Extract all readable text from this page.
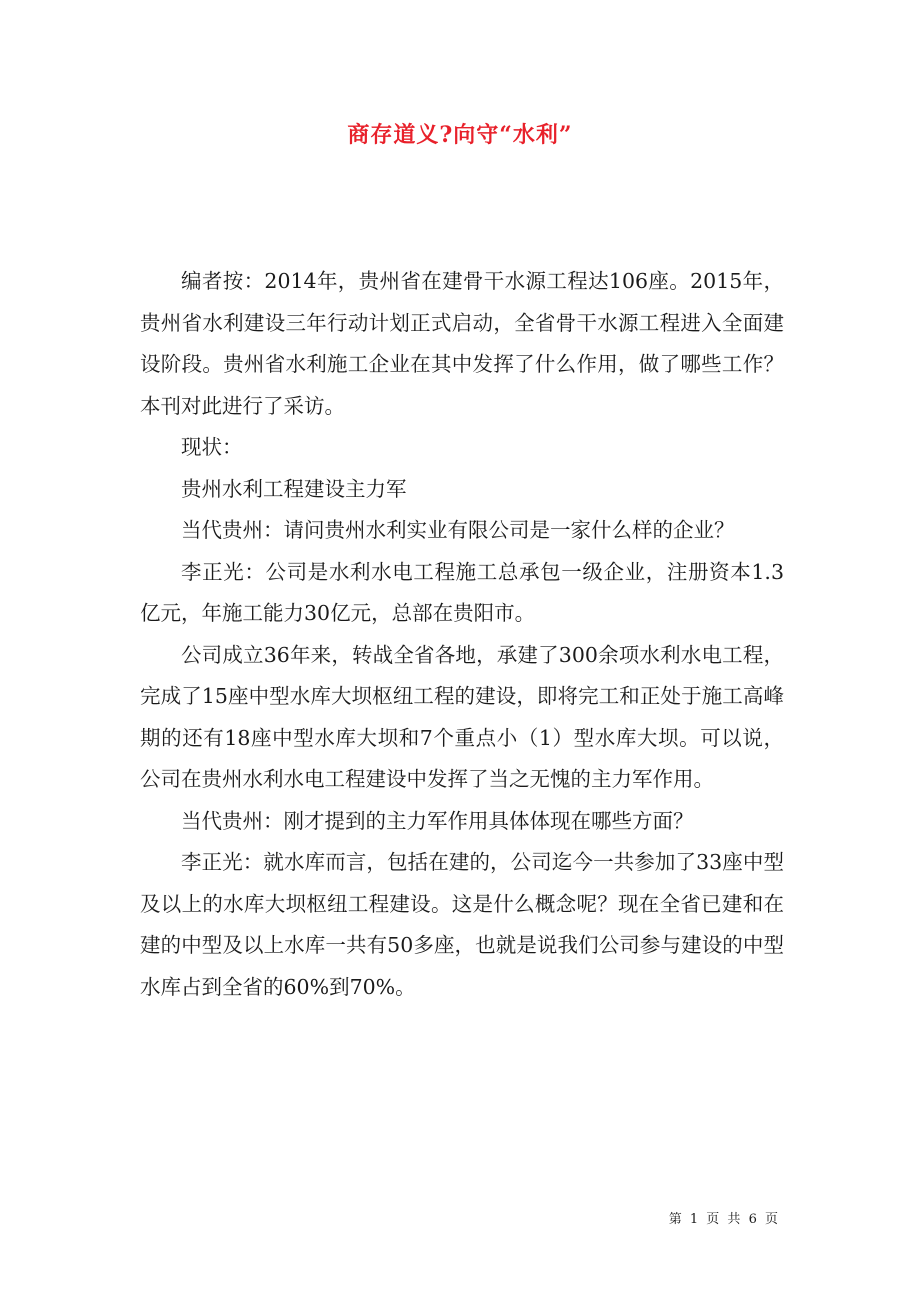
商存道义?向守“水利”

编者按：2014年，贵州省在建骨干水源工程达106座。2015年，贵州省水利建设三年行动计划正式启动，全省骨干水源工程进入全面建设阶段。贵州省水利施工企业在其中发挥了什么作用，做了哪些工作？本刊对此进行了采访。

现状：

贵州水利工程建设主力军

当代贵州：请问贵州水利实业有限公司是一家什么样的企业？

李正光：公司是水利水电工程施工总承包一级企业，注册资本1.3亿元，年施工能力30亿元，总部在贵阳市。

公司成立36年来，转战全省各地，承建了300余项水利水电工程，完成了15座中型水库大坝枢纽工程的建设，即将完工和正处于施工高峰期的还有18座中型水库大坝和7个重点小（1）型水库大坝。可以说，公司在贵州水利水电工程建设中发挥了当之无愧的主力军作用。

当代贵州：刚才提到的主力军作用具体体现在哪些方面？

李正光：就水库而言，包括在建的，公司迄今一共参加了33座中型及以上的水库大坝枢纽工程建设。这是什么概念呢？现在全省已建和在建的中型及以上水库一共有50多座，也就是说我们公司参与建设的中型水库占到全省的60%到70%。

第 1 页 共 6 页
